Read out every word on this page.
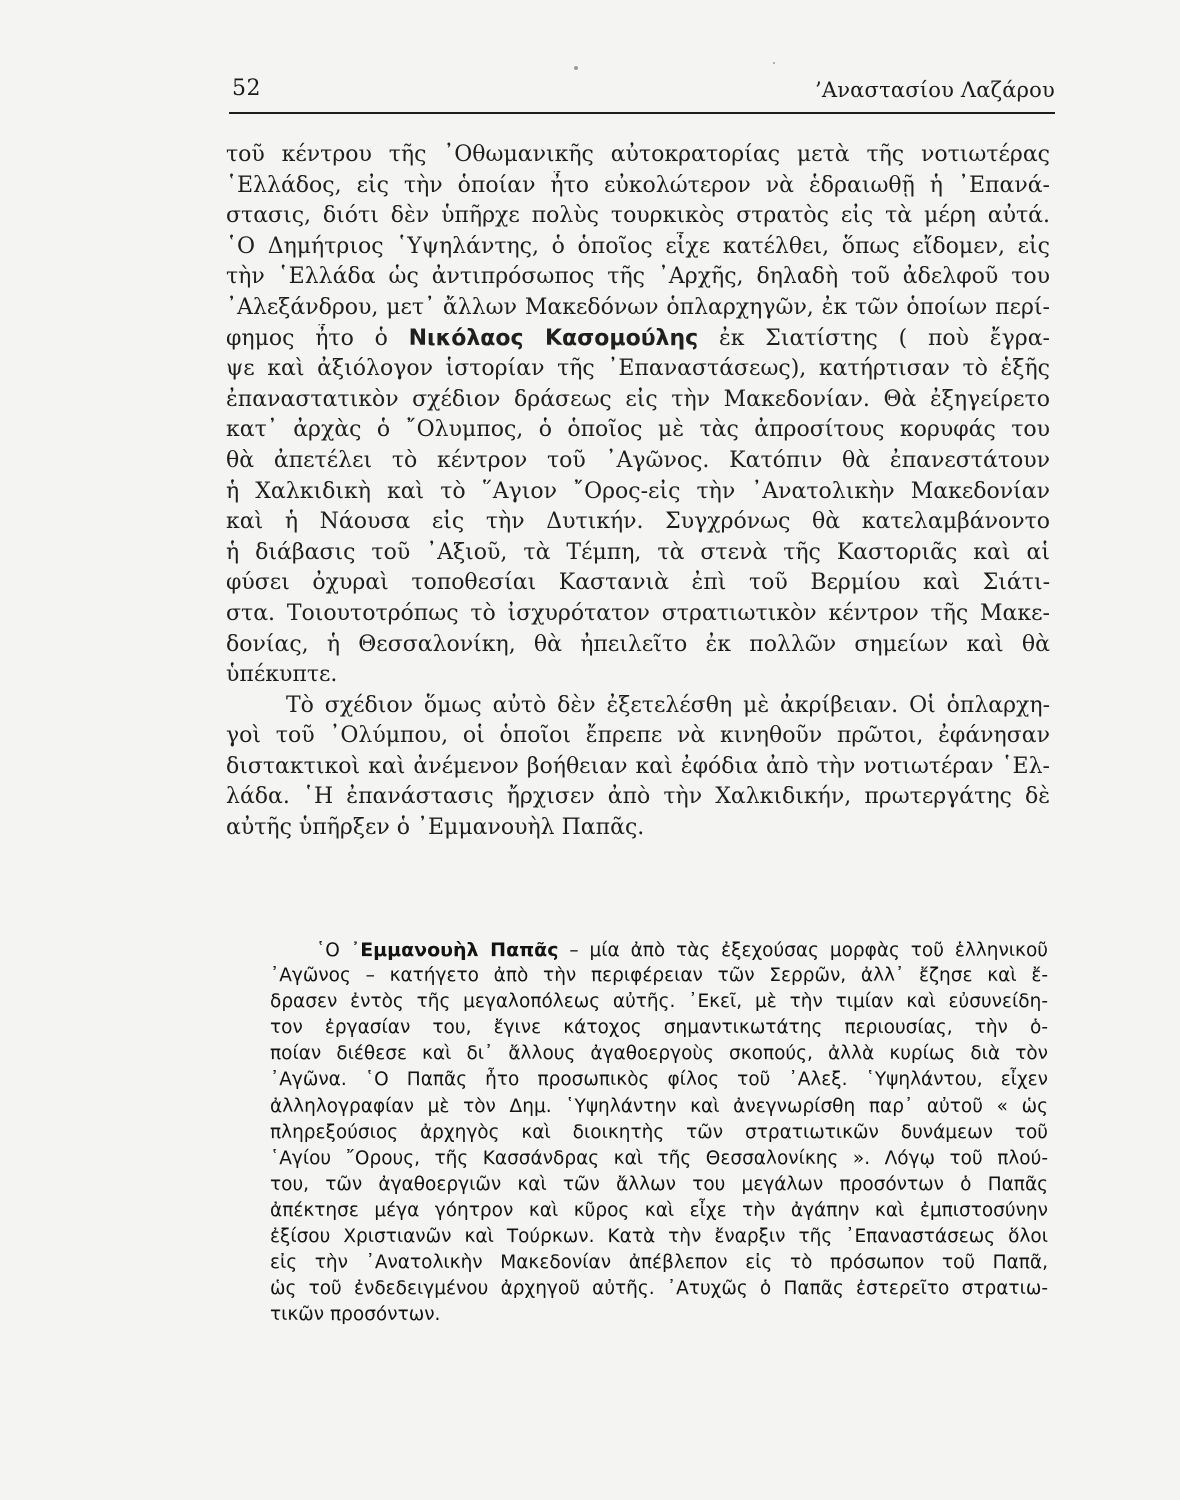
52	’Αναστασίου Λαζάρου
τοῦ κέντρου τῆς ᾿Οθωμανικῆς αὐτοκρατορίας μετὰ τῆς νοτιωτέρας
῾Ελλάδος, εἰς τὴν ὁποίαν ἦτο εὐκολώτερον νὰ ἑδραιωθῇ ἡ ᾿Επανά-
στασις, διότι δὲν ὑπῆρχε πολὺς τουρκικὸς στρατὸς εἰς τὰ μέρη αὐτά.
῾Ο Δημήτριος ῾Υψηλάντης, ὁ ὁποῖος εἶχε κατέλθει, ὅπως εἴδομεν, εἰς
τὴν ῾Ελλάδα ὡς ἀντιπρόσωπος τῆς ᾿Αρχῆς, δηλαδὴ τοῦ ἀδελφοῦ του
᾿Αλεξάνδρου, μετ᾿ ἄλλων Μακεδόνων ὁπλαρχηγῶν, ἐκ τῶν ὁποίων περί-
φημος ἦτο ὁ Νικόλαος Κασομούλης ἐκ Σιατίστης ( ποὺ ἔγρα-
ψε καὶ ἀξιόλογον ἱστορίαν τῆς ᾿Επαναστάσεως), κατήρτισαν τὸ ἑξῆς
ἐπαναστατικὸν σχέδιον δράσεως εἰς τὴν Μακεδονίαν. Θὰ ἐξηγείρετο
κατ᾿ ἀρχὰς ὁ ῎Ολυμπος, ὁ ὁποῖος μὲ τὰς ἀπροσίτους κορυφάς του
θὰ ἀπετέλει τὸ κέντρον τοῦ ᾿Αγῶνος. Κατόπιν θὰ ἐπανεστάτουν
ἡ Χαλκιδικὴ καὶ τὸ ῞Αγιον ῎Ορος-εἰς τὴν ᾿Ανατολικὴν Μακεδονίαν
καὶ ἡ Νάουσα εἰς τὴν Δυτικήν. Συγχρόνως θὰ κατελαμβάνοντο
ἡ διάβασις τοῦ ᾿Αξιοῦ, τὰ Τέμπη, τὰ στενὰ τῆς Καστοριᾶς καὶ αἱ
φύσει ὀχυραὶ τοποθεσίαι Καστανιὰ ἐπὶ τοῦ Βερμίου καὶ Σιάτι-
στα. Τοιουτοτρόπως τὸ ἰσχυρότατον στρατιωτικὸν κέντρον τῆς Μακε-
δονίας, ἡ Θεσσαλονίκη, θὰ ἠπειλεῖτο ἐκ πολλῶν σημείων καὶ θὰ
ὑπέκυπτε.
Τὸ σχέδιον ὅμως αὐτὸ δὲν ἐξετελέσθη μὲ ἀκρίβειαν. Οἱ ὁπλαρχη-
γοὶ τοῦ ᾿Ολύμπου, οἱ ὁποῖοι ἔπρεπε νὰ κινηθοῦν πρῶτοι, ἐφάνησαν
διστακτικοὶ καὶ ἀνέμενον βοήθειαν καὶ ἐφόδια ἀπὸ τὴν νοτιωτέραν ῾Ελ-
λάδα. ῾Η ἐπανάστασις ἤρχισεν ἀπὸ τὴν Χαλκιδικήν, πρωτεργάτης δὲ
αὐτῆς ὑπῆρξεν ὁ ᾿Εμμανουὴλ Παπᾶς.
῾Ο ᾿Εμμανουὴλ Παπᾶς – μία ἀπὸ τὰς ἐξεχούσας μορφὰς τοῦ ἑλληνικοῦ
᾿Αγῶνος – κατήγετο ἀπὸ τὴν περιφέρειαν τῶν Σερρῶν, ἀλλ᾿ ἔζησε καὶ ἔ-
δρασεν ἐντὸς τῆς μεγαλοπόλεως αὐτῆς. ᾿Εκεῖ, μὲ τὴν τιμίαν καὶ εὐσυνείδη-
τον ἐργασίαν του, ἔγινε κάτοχος σημαντικωτάτης περιουσίας, τὴν ὁ-
ποίαν διέθεσε καὶ δι᾿ ἄλλους ἀγαθοεργοὺς σκοπούς, ἀλλὰ κυρίως διὰ τὸν
᾿Αγῶνα. ῾Ο Παπᾶς ἦτο προσωπικὸς φίλος τοῦ ᾿Αλεξ. ῾Υψηλάντου, εἶχεν
ἀλληλογραφίαν μὲ τὸν Δημ. ῾Υψηλάντην καὶ ἀνεγνωρίσθη παρ᾿ αὐτοῦ « ὡς
πληρεξούσιος ἀρχηγὸς καὶ διοικητὴς τῶν στρατιωτικῶν δυνάμεων τοῦ
῾Αγίου ῎Ορους, τῆς Κασσάνδρας καὶ τῆς Θεσσαλονίκης ». Λόγῳ τοῦ πλού-
του, τῶν ἀγαθοεργιῶν καὶ τῶν ἄλλων του μεγάλων προσόντων ὁ Παπᾶς
ἀπέκτησε μέγα γόητρον καὶ κῦρος καὶ εἶχε τὴν ἀγάπην καὶ ἐμπιστοσύνην
ἐξίσου Χριστιανῶν καὶ Τούρκων. Κατὰ τὴν ἔναρξιν τῆς ᾿Επαναστάσεως ὅλοι
εἰς τὴν ᾿Ανατολικὴν Μακεδονίαν ἀπέβλεπον εἰς τὸ πρόσωπον τοῦ Παπᾶ,
ὡς τοῦ ἐνδεδειγμένου ἀρχηγοῦ αὐτῆς. ᾿Ατυχῶς ὁ Παπᾶς ἐστερεῖτο στρατιω-
τικῶν προσόντων.
